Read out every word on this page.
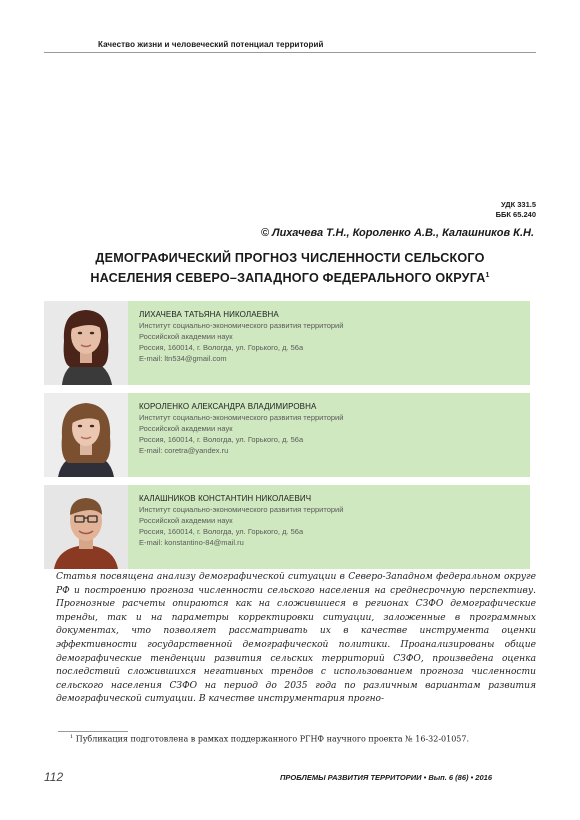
Качество жизни и человеческий потенциал территорий
УДК 331.5
ББК 65.240
© Лихачева Т.Н., Короленко А.В., Калашников К.Н.
ДЕМОГРАФИЧЕСКИЙ ПРОГНОЗ ЧИСЛЕННОСТИ СЕЛЬСКОГО
НАСЕЛЕНИЯ СЕВЕРО–ЗАПАДНОГО ФЕДЕРАЛЬНОГО ОКРУГА$^1$
ЛИХАЧЕВА ТАТЬЯНА НИКОЛАЕВНА
Институт социально-экономического развития территорий
Российской академии наук
Россия, 160014, г. Вологда, ул. Горького, д. 56а
E-mail: ltn534@gmail.com
КОРОЛЕНКО АЛЕКСАНДРА ВЛАДИМИРОВНА
Институт социально-экономического развития территорий
Российской академии наук
Россия, 160014, г. Вологда, ул. Горького, д. 56а
E-mail: coretra@yandex.ru
КАЛАШНИКОВ КОНСТАНТИН НИКОЛАЕВИЧ
Институт социально-экономического развития территорий
Российской академии наук
Россия, 160014, г. Вологда, ул. Горького, д. 56а
E-mail: konstantino-84@mail.ru
Статья посвящена анализу демографической ситуации в Северо-Западном федеральном округе РФ и построению прогноза численности сельского населения на среднесрочную перспективу. Прогнозные расчеты опираются как на сложившиеся в регионах СЗФО демографические тренды, так и на параметры корректировки ситуации, заложенные в программных документах, что позволяет рассматривать их в качестве инструмента оценки эффективности государственной демографической политики. Проанализированы общие демографические тенденции развития сельских территорий СЗФО, произведена оценка последствий сложившихся негативных трендов с использованием прогноза численности сельского населения СЗФО на период до 2035 года по различным вариантам развития демографической ситуации. В качестве инструментария прогно-
$^1$ Публикация подготовлена в рамках поддержанного РГНФ научного проекта № 16-32-01057.
112	ПРОБЛЕМЫ РАЗВИТИЯ ТЕРРИТОРИИ • Вып. 6 (86) • 2016
